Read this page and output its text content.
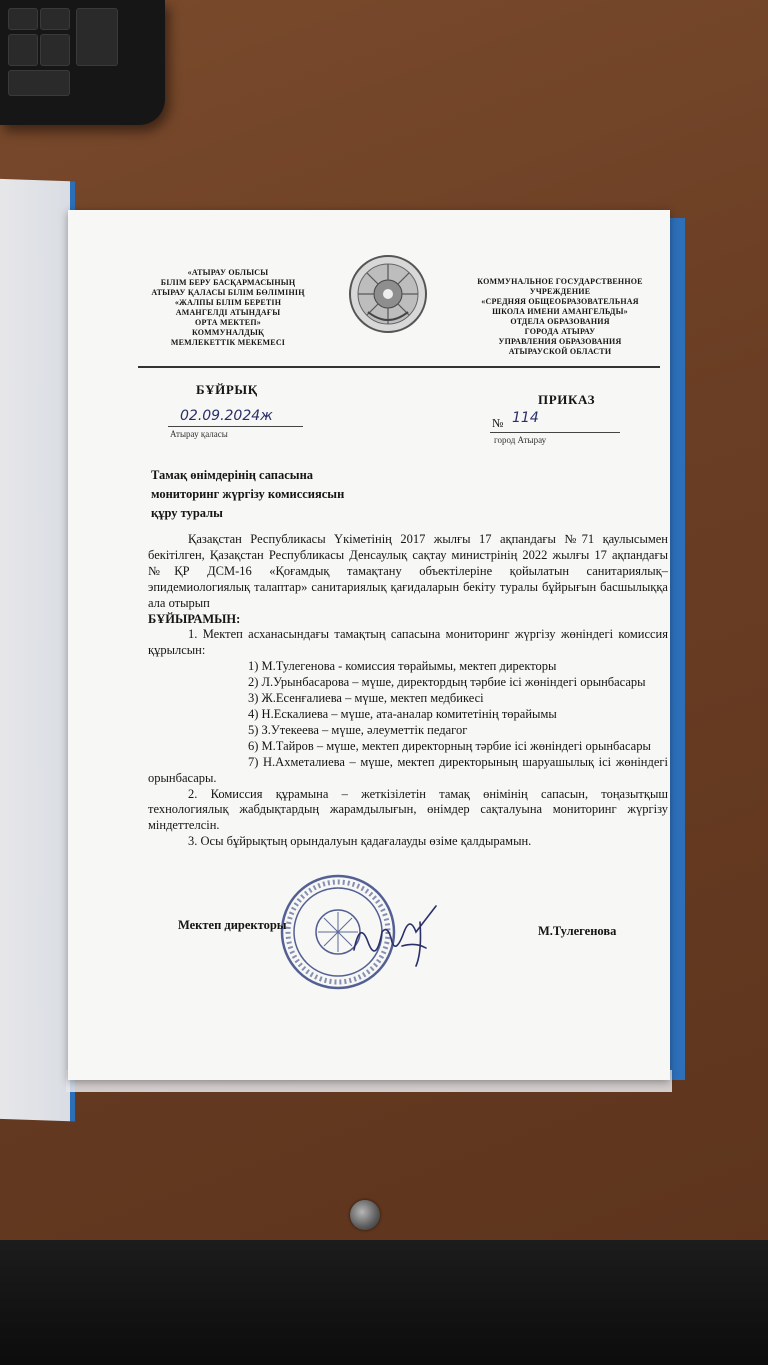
«АТЫРАУ ОБЛЫСЫ

БІЛІМ БЕРУ БАСҚАРМАСЫНЫҢ

АТЫРАУ ҚАЛАСЫ БІЛІМ БӨЛІМІНІҢ

«ЖАЛПЫ БІЛІМ БЕРЕТІН

АМАНГЕЛДІ АТЫНДАҒЫ

ОРТА МЕКТЕП»

КОММУНАЛДЫҚ

МЕМЛЕКЕТТІК МЕКЕМЕСІ

КОММУНАЛЬНОЕ ГОСУДАРСТВЕННОЕ

УЧРЕЖДЕНИЕ

«СРЕДНЯЯ ОБЩЕОБРАЗОВАТЕЛЬНАЯ

ШКОЛА ИМЕНИ АМАНГЕЛЬДЫ»

ОТДЕЛА ОБРАЗОВАНИЯ

ГОРОДА АТЫРАУ

УПРАВЛЕНИЯ ОБРАЗОВАНИЯ

АТЫРАУСКОЙ ОБЛАСТИ

БҰЙРЫҚ
ПРИКАЗ
02.09.2024ж
Атырау қаласы
№ 114
город Атырау
Тамақ өнімдерінің сапасына
мониторинг жүргізу комиссиясын
құру туралы

Қазақстан Республикасы Үкіметінің 2017 жылғы 17 ақпандағы №71 қаулысымен бекітілген, Қазақстан Республикасы Денсаулық сақтау министрінің 2022 жылғы 17 ақпандағы №ҚР ДСМ-16 «Қоғамдық тамақтану объектілеріне қойылатын санитариялық–эпидемиологиялық талаптар» санитариялық қағидаларын бекіту туралы бұйрығын басшылыққа ала отырып

БҰЙЫРАМЫН:

1. Мектеп асханасындағы тамақтың сапасына мониторинг жүргізу жөніндегі комиссия құрылсын:

1) М.Тулегенова - комиссия төрайымы, мектеп директоры

2) Л.Урынбасарова – мүше, директордың тәрбие ісі жөніндегі орынбасары

3) Ж.Есенғалиева – мүше, мектеп медбикесі

4) Н.Ескалиева – мүше, ата-аналар комитетінің төрайымы

5) З.Утекеева – мүше, әлеуметтік педагог

6) М.Тайров – мүше, мектеп директорның тәрбие ісі жөніндегі орынбасары

7) Н.Ахметалиева – мүше, мектеп директорының шаруашылық ісі жөніндегі орынбасары.

2. Комиссия құрамына – жеткізілетін тамақ өнімінің сапасын, тоңазытқыш технологиялық жабдықтардың жарамдылығын, өнімдер сақталуына мониторинг жүргізу міндеттелсін.

3. Осы бұйрықтың орындалуын қадағалауды өзіме қалдырамын.

Мектеп директоры	М.Тулегенова
